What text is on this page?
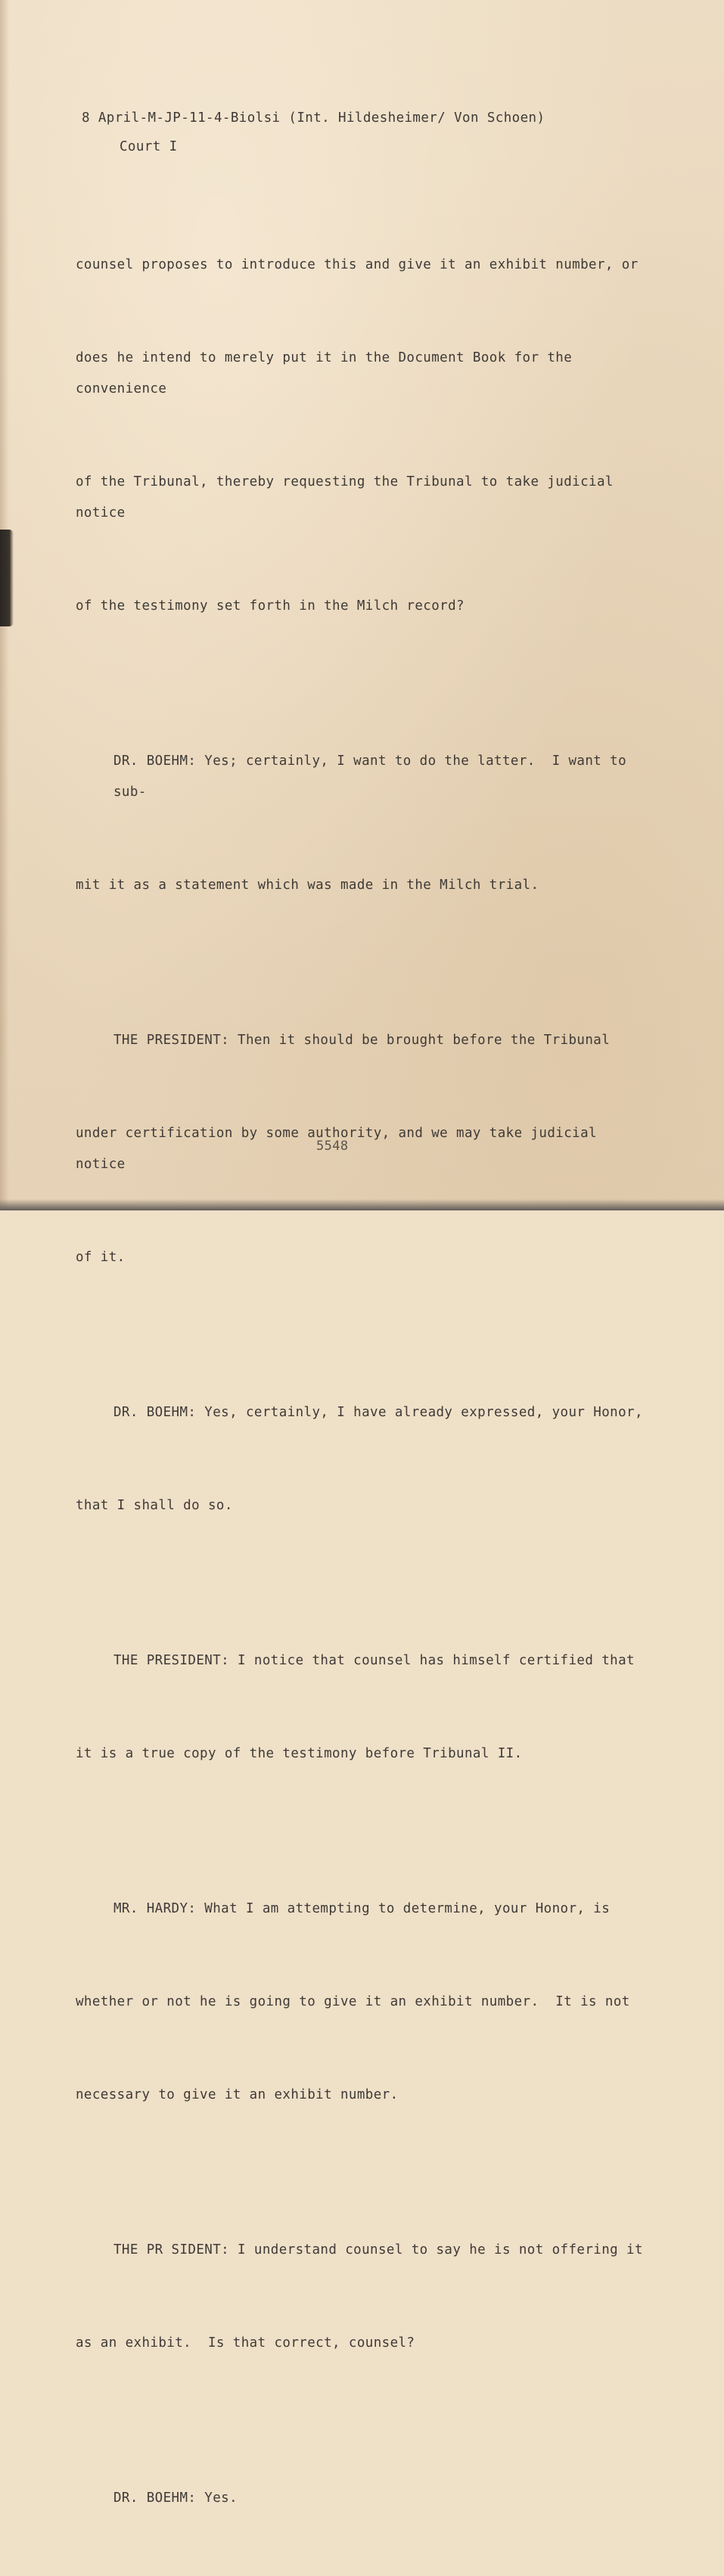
8 April-M-JP-11-4-Biolsi (Int. Hildesheimer/ Von Schoen)
Court I

counsel proposes to introduce this and give it an exhibit number, or

does he intend to merely put it in the Document Book for the convenience

of the Tribunal, thereby requesting the Tribunal to take judicial notice

of the testimony set forth in the Milch record?

DR. BOEHM: Yes; certainly, I want to do the latter.  I want to sub-

mit it as a statement which was made in the Milch trial.

THE PRESIDENT: Then it should be brought before the Tribunal

under certification by some authority, and we may take judicial notice

of it.

DR. BOEHM: Yes, certainly, I have already expressed, your Honor,

that I shall do so.

THE PRESIDENT: I notice that counsel has himself certified that

it is a true copy of the testimony before Tribunal II.

MR. HARDY: What I am attempting to determine, your Honor, is

whether or not he is going to give it an exhibit number.  It is not

necessary to give it an exhibit number.

THE PR SIDENT: I understand counsel to say he is not offering it

as an exhibit.  Is that correct, counsel?

DR. BOEHM: Yes.

5548
